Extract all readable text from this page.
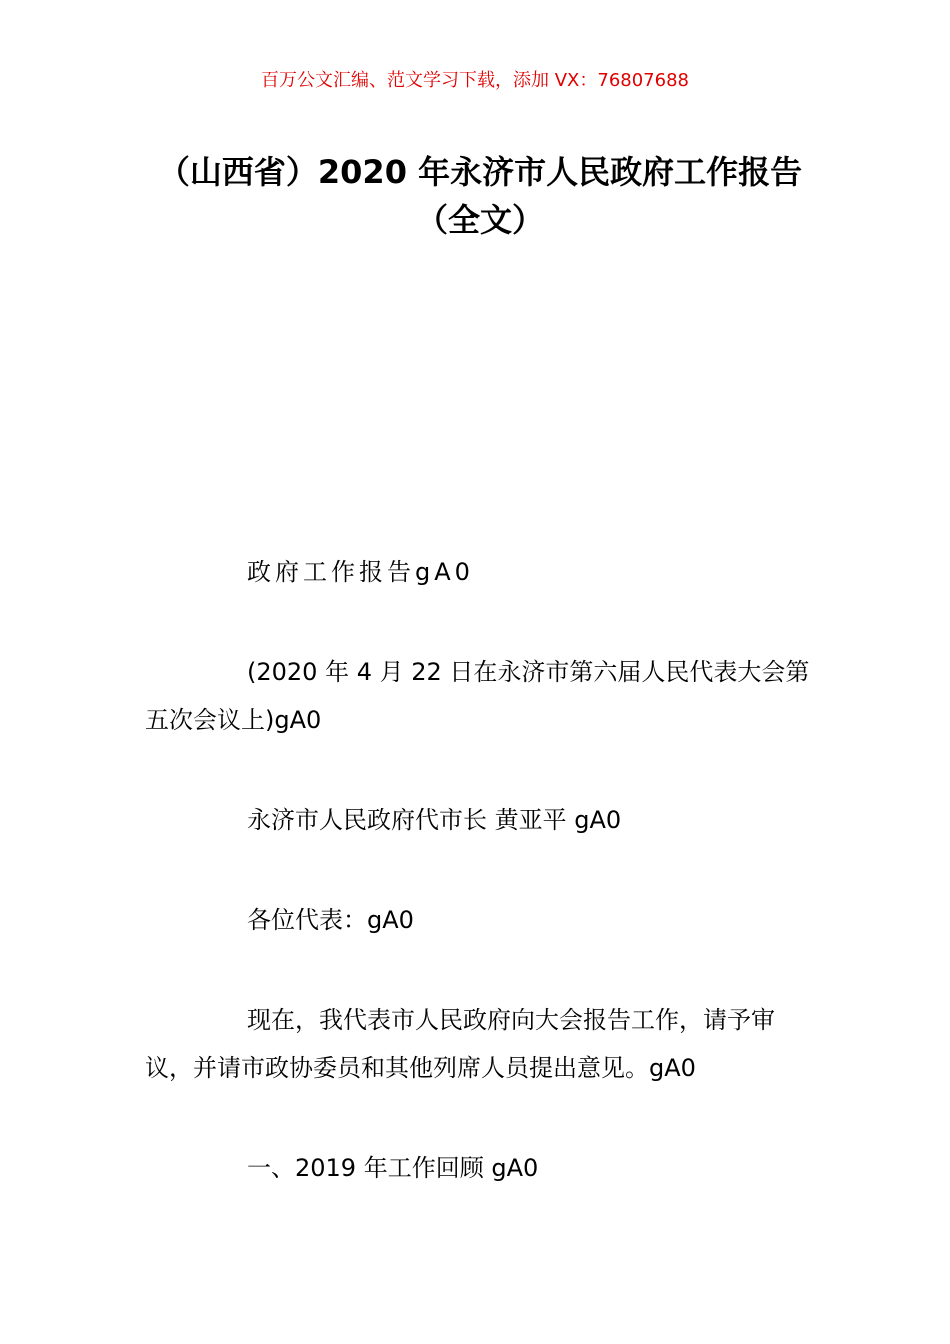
百万公文汇编、范文学习下载，添加 VX：76807688
（山西省）2020 年永济市人民政府工作报告（全文）

政府工作报告gA0

(2020 年 4 月 22 日在永济市第六届人民代表大会第五次会议上)gA0

永济市人民政府代市长 黄亚平 gA0

各位代表：gA0

现在，我代表市人民政府向大会报告工作，请予审议，并请市政协委员和其他列席人员提出意见。gA0

一、2019 年工作回顾 gA0
